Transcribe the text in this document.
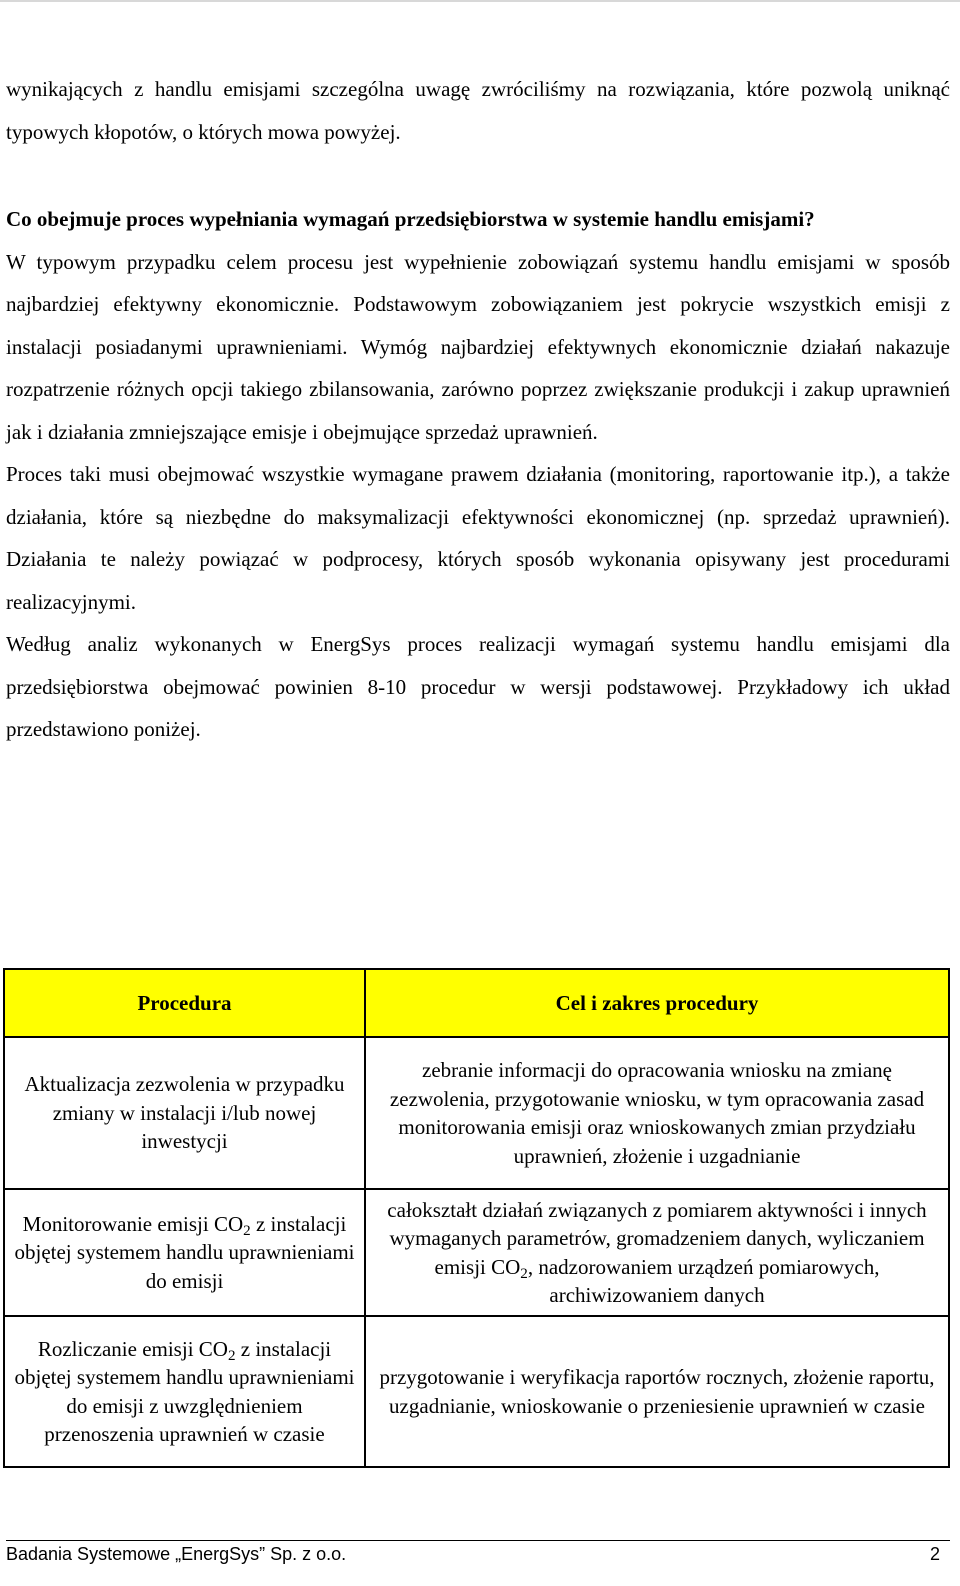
wynikających z handlu emisjami szczególna uwagę zwróciliśmy na rozwiązania, które pozwolą uniknąć typowych kłopotów, o których mowa powyżej.

Co obejmuje proces wypełniania wymagań przedsiębiorstwa w systemie handlu emisjami?

W typowym przypadku celem procesu jest wypełnienie zobowiązań systemu handlu emisjami w sposób najbardziej efektywny ekonomicznie. Podstawowym zobowiązaniem jest pokrycie wszystkich emisji z instalacji posiadanymi uprawnieniami. Wymóg najbardziej efektywnych ekonomicznie działań nakazuje rozpatrzenie różnych opcji takiego zbilansowania, zarówno poprzez zwiększanie produkcji i zakup uprawnień jak i działania zmniejszające emisje i obejmujące sprzedaż uprawnień.

Proces taki musi obejmować wszystkie wymagane prawem działania (monitoring, raportowanie itp.), a także działania, które są niezbędne do maksymalizacji efektywności ekonomicznej (np. sprzedaż uprawnień). Działania te należy powiązać w podprocesy, których sposób wykonania opisywany jest procedurami realizacyjnymi.

Według analiz wykonanych w EnergSys proces realizacji wymagań systemu handlu emisjami dla przedsiębiorstwa obejmować powinien 8-10 procedur w wersji podstawowej. Przykładowy ich układ przedstawiono poniżej.

Procedura	Cel i zakres procedury
Aktualizacja zezwolenia w przypadku zmiany w instalacji i/lub nowej inwestycji	zebranie informacji do opracowania wniosku na zmianę zezwolenia, przygotowanie wniosku, w tym opracowania zasad monitorowania emisji oraz wnioskowanych zmian przydziału uprawnień, złożenie i uzgadnianie
Monitorowanie emisji $CO_2$ z instalacji objętej systemem handlu uprawnieniami do emisji	całokształt działań związanych z pomiarem aktywności i innych wymaganych parametrów, gromadzeniem danych, wyliczaniem emisji $CO_2$, nadzorowaniem urządzeń pomiarowych, archiwizowaniem danych
Rozliczanie emisji $CO_2$ z instalacji objętej systemem handlu uprawnieniami do emisji z uwzględnieniem przenoszenia uprawnień w czasie	przygotowanie i weryfikacja raportów rocznych, złożenie raportu, uzgadnianie, wnioskowanie o przeniesienie uprawnień w czasie
Badania Systemowe „EnergSys” Sp. z o.o.	2
